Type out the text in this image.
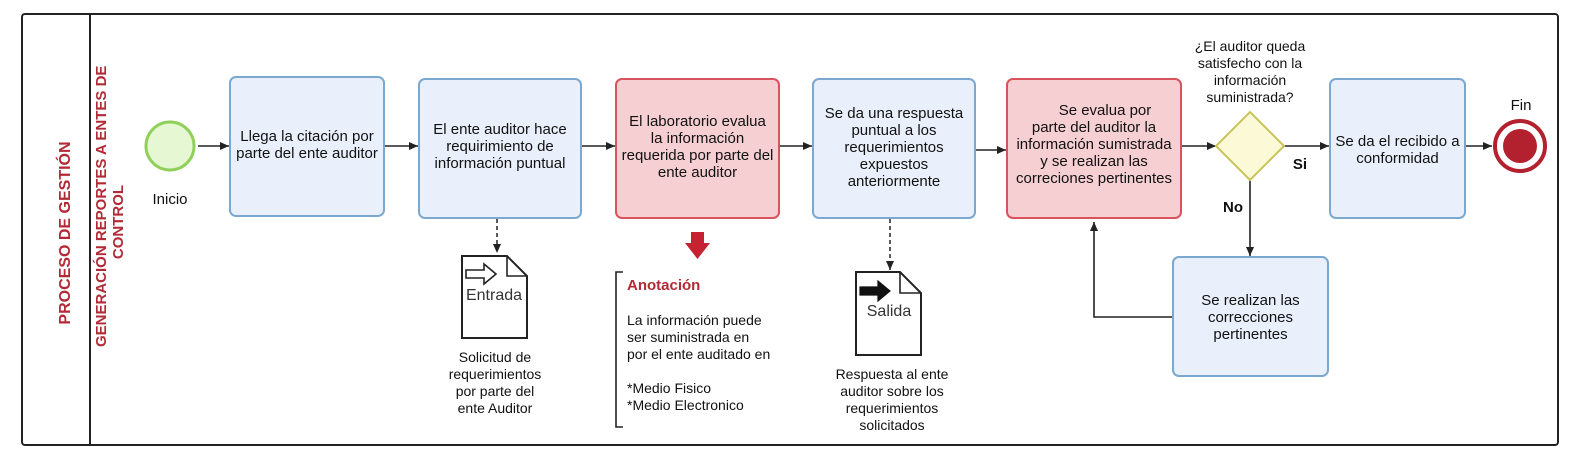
PROCESO DE GESTIÓN GENERACIÓN REPORTES A ENTES DE CONTROL	Inicio
Fin
Llega la citación por
parte del ente auditor
El ente auditor hace
requirimiento de
información puntual
El laboratorio evalua
la información
requerida por parte del
ente auditor
Se da una respuesta
puntual a los
requerimientos
expuestos
anteriormente
Se evalua por
parte del auditor la
información sumistrada
y se realizan las
correciones pertinentes
Se da el recibido a
conformidad
Se realizan las
correcciones
pertinentes
¿El auditor queda
satisfecho con la
información
suministrada?
Si
No
Entrada
Solicitud de
requerimientos
por parte del
ente Auditor
Salida
Respuesta al ente
auditor sobre los
requerimientos
solicitados
Anotación
La información puede
ser suministrada en
por el ente auditado en
*Medio Fisico
*Medio Electronico
